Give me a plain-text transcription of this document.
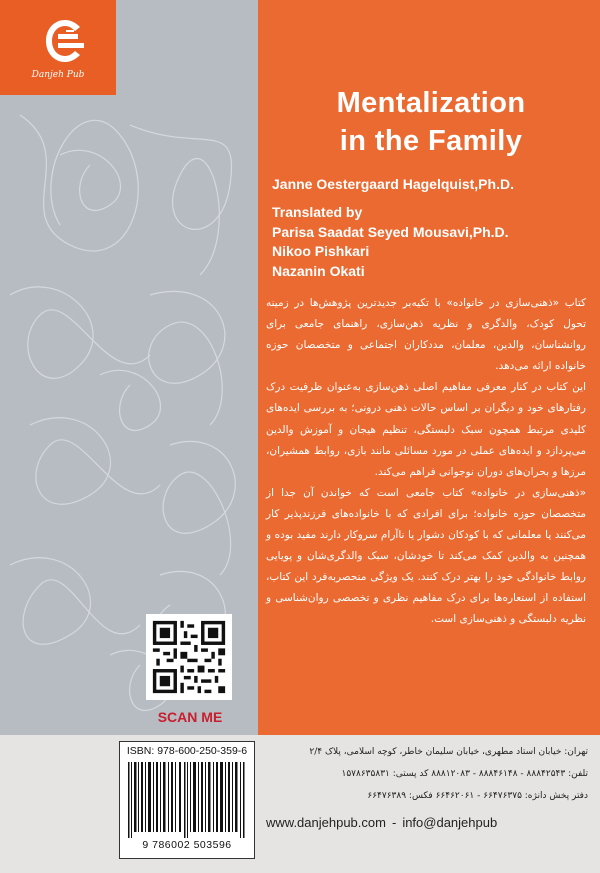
Danjeh Pub
Mentalization
in the Family
Janne Oestergaard Hagelquist,Ph.D.
Translated by
Parisa Saadat Seyed Mousavi,Ph.D.
Nikoo Pishkari
Nazanin Okati

کتاب «ذهنی‌سازی در خانواده» با تکیه‌بر جدیدترین پژوهش‌ها در زمینه تحول کودک، والدگری و نظریه ذهن‌سازی، راهنمای جامعی برای روانشناسان، والدین، معلمان، مددکاران اجتماعی و متخصصان حوزه خانواده ارائه می‌دهد.

این کتاب در کنار معرفی مفاهیم اصلی ذهن‌سازی به‌عنوان ظرفیت درک رفتارهای خود و دیگران بر اساس حالات ذهنی درونی؛ به بررسی ایده‌های کلیدی مرتبط همچون سبک دلبستگی، تنظیم هیجان و آموزش والدین می‌پردازد و ایده‌های عملی در مورد مسائلی مانند بازی، روابط همشیران، مرزها و بحران‌های دوران نوجوانی فراهم می‌کند.

«ذهنی‌سازی در خانواده» کتاب جامعی است که خواندن آن جدا از متخصصان حوزه خانواده؛ برای افرادی که با خانواده‌های فرزندپذیر کار می‌کنند یا معلمانی که با کودکان دشوار یا ناآرام سروکار دارند مفید بوده و همچنین به والدین کمک می‌کند تا خودشان، سبک والدگری‌شان و پویایی روابط خانوادگی خود را بهتر درک کنند. یک ویژگی منحصربه‌فرد این کتاب، استفاده از استعاره‌ها برای درک مفاهیم نظری و تخصصی روان‌شناسی و نظریه دلبستگی و ذهنی‌سازی است.

SCAN ME
ISBN: 978-600-250-359-6
9 786002 503596
تهران: خیابان استاد مطهری، خیابان سلیمان خاطر، کوچه اسلامی، پلاک ۲/۴
تلفن: ۸۸۸۴۲۵۴۳ - ۸۸۸۴۶۱۴۸ - ۸۸۸۱۲۰۸۳ کد پستی: ۱۵۷۸۶۳۵۸۳۱
دفتر پخش دانژه: ۶۶۴۷۶۳۷۵ - ۶۶۴۶۲۰۶۱ فکس: ۶۶۴۷۶۳۸۹
www.danjehpub.com - info@danjehpub
